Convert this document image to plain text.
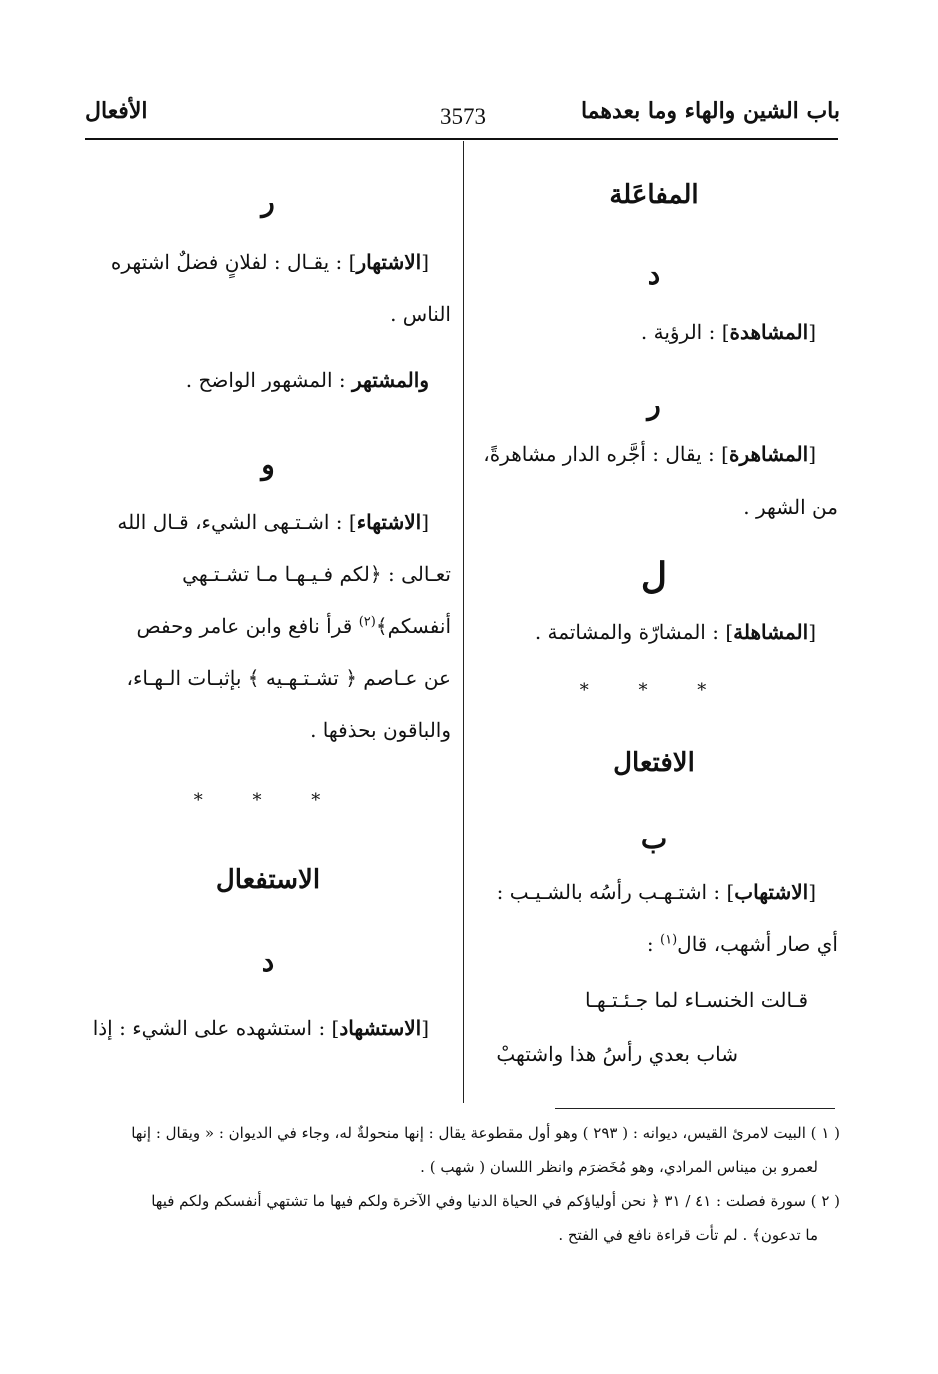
باب الشين والهاء وما بعدهما
3573
الأفعال
المفاعَلة
د
[المشاهدة] : الرؤية .
ر
[المشاهرة] : يقال : أجَّره الدار مشاهرةً،
من الشهر .
ل
[المشاهلة] : المشارّة والمشاتمة .
* * *
الافتعال
ب
[الاشتهاب] : اشتـهـب رأسُه بالشـيـب :
أي صار أشهب، قال$^{(١)}$ :
قـالت الخنسـاء لما جـئـتـهـا
شاب بعدي رأسُ هذا واشتهبْ
ر
[الاشتهار] : يقـال : لفلانٍ فضلٌ اشتهره
الناس .
والمشتهر : المشهور الواضح .
و
[الاشتهاء] : اشـتـهى الشيء، قـال الله
تعـالى : ﴿لكم فـيـهـا مـا تشـتـهي
أنفسكم﴾$^{(٢)}$ قرأ نافع وابن عامر وحفص
عن عـاصم ﴿ تشـتـهـيه ﴾ بإثبـات الـهـاء،
والباقون بحذفها .
* * *
الاستفعال
د
[الاستشهاد] : استشهده على الشيء : إذا
( ١ ) البيت لامرئ القيس، ديوانه : ( ٢٩٣ ) وهو أول مقطوعة يقال : إنها منحولةٌ له، وجاء في الديوان : « ويقال : إنها
لعمرو بن ميناس المرادي، وهو مُخَضرَم وانظر اللسان ( شهب ) .
( ٢ ) سورة فصلت : ٤١ / ٣١ ﴿ نحن أولياؤكم في الحياة الدنيا وفي الآخرة ولكم فيها ما تشتهي أنفسكم ولكم فيها
ما تدعون﴾ . لم تأت قراءة نافع في الفتح .
